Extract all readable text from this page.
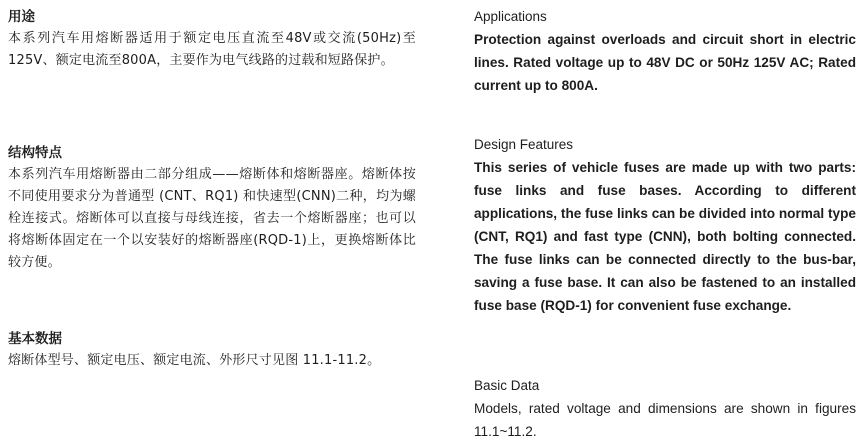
用途

本系列汽车用熔断器适用于额定电压直流至48V或交流(50Hz)至125V、额定电流至800A，主要作为电气线路的过载和短路保护。

结构特点

本系列汽车用熔断器由二部分组成——熔断体和熔断器座。熔断体按不同使用要求分为普通型 (CNT、RQ1) 和快速型(CNN)二种，均为螺栓连接式。熔断体可以直接与母线连接，省去一个熔断器座；也可以将熔断体固定在一个以安装好的熔断器座(RQD-1)上，更换熔断体比较方便。

基本数据

熔断体型号、额定电压、额定电流、外形尺寸见图 11.1-11.2。

Applications

Protection against overloads and circuit short in electric lines. Rated voltage up to 48V DC or 50Hz 125V AC; Rated current up to 800A.

Design Features

This series of vehicle fuses are made up with two parts: fuse links and fuse bases. According to different applications, the fuse links can be divided into normal type (CNT, RQ1) and fast type (CNN), both bolting connected. The fuse links can be connected directly to the bus-bar, saving a fuse base. It can also be fastened to an installed fuse base (RQD-1) for convenient fuse exchange.

Basic Data

Models, rated voltage and dimensions are shown in figures 11.1~11.2.
